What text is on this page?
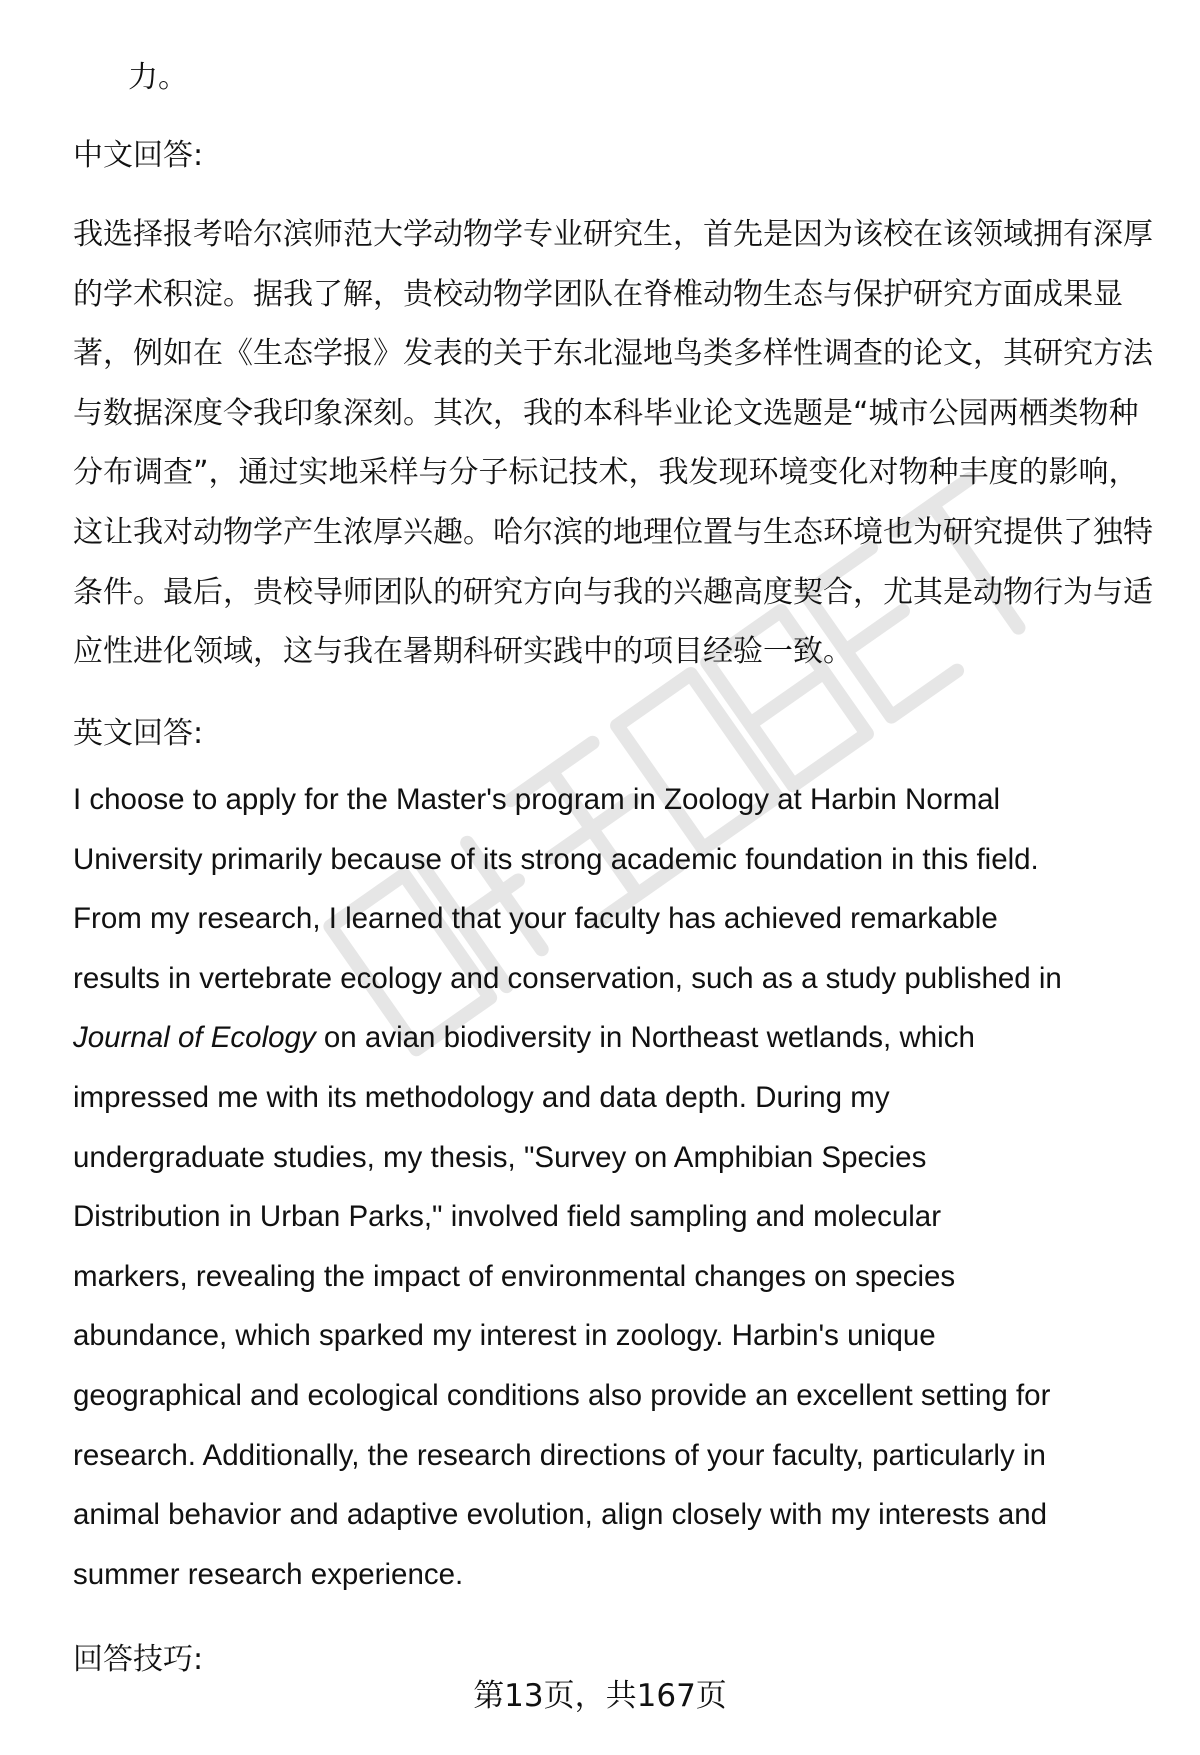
力。
中文回答:
我选择报考哈尔滨师范大学动物学专业研究生，首先是因为该校在该领域拥有深厚
的学术积淀。据我了解，贵校动物学团队在脊椎动物生态与保护研究方面成果显
著，例如在《生态学报》发表的关于东北湿地鸟类多样性调查的论文，其研究方法
与数据深度令我印象深刻。其次，我的本科毕业论文选题是“城市公园两栖类物种
分布调查”，通过实地采样与分子标记技术，我发现环境变化对物种丰度的影响，
这让我对动物学产生浓厚兴趣。哈尔滨的地理位置与生态环境也为研究提供了独特
条件。最后，贵校导师团队的研究方向与我的兴趣高度契合，尤其是动物行为与适
应性进化领域，这与我在暑期科研实践中的项目经验一致。
英文回答:
I choose to apply for the Master's program in Zoology at Harbin Normal
University primarily because of its strong academic foundation in this field.
From my research, I learned that your faculty has achieved remarkable
results in vertebrate ecology and conservation, such as a study published in
Journal of Ecology on avian biodiversity in Northeast wetlands, which
impressed me with its methodology and data depth. During my
undergraduate studies, my thesis, "Survey on Amphibian Species
Distribution in Urban Parks," involved field sampling and molecular
markers, revealing the impact of environmental changes on species
abundance, which sparked my interest in zoology. Harbin's unique
geographical and ecological conditions also provide an excellent setting for
research. Additionally, the research directions of your faculty, particularly in
animal behavior and adaptive evolution, align closely with my interests and
summer research experience.
回答技巧:
第13页，共167页
